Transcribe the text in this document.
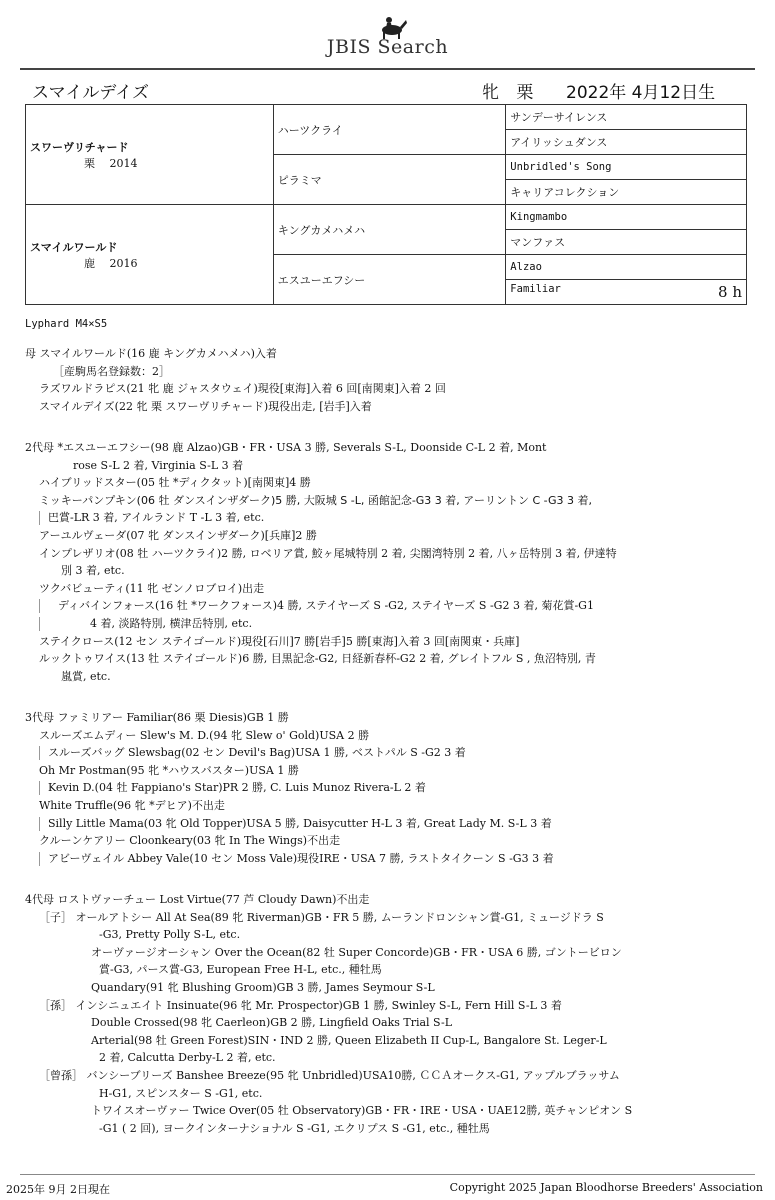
JBIS Search
スマイルデイズ	牝 栗 2022年 4月12日生
スワーヴリチャード
栗　 2014	ハーツクライ	サンデーサイレンス
		アイリッシュダンス
	ピラミマ	Unbridled's Song
		キャリアコレクション

スマイルワールド
鹿　 2016	キングカメハメハ	Kingmambo
		マンファス
	エスユーエフシー	Alzao
		Familiar 8 h
Lyphard M4×S5
母 スマイルワールド(16 鹿 キングカメハメハ)入着
［産駒馬名登録数：2］
ラズワルドラピス(21 牝 鹿 ジャスタウェイ)現役[東海]入着 6 回[南関東]入着 2 回
スマイルデイズ(22 牝 栗 スワーヴリチャード)現役出走, [岩手]入着
2代母 *エスユーエフシー(98 鹿 Alzao)GB・FR・USA 3 勝, Severals S-L, Doonside C-L 2 着, Mont
rose S-L 2 着, Virginia S-L 3 着
ハイブリッドスター(05 牡 *ディクタット)[南関東]4 勝
ミッキーパンプキン(06 牡 ダンスインザダーク)5 勝, 大阪城 S -L, 函館記念-G3 3 着, アーリントン C -G3 3 着,
巴賞-LR 3 着, アイルランド T -L 3 着, etc.
アーユルヴェーダ(07 牝 ダンスインザダーク)[兵庫]2 勝
インプレザリオ(08 牡 ハーツクライ)2 勝, ロベリア賞, 鮫ヶ尾城特別 2 着, 尖閣湾特別 2 着, 八ヶ岳特別 3 着, 伊達特
別 3 着, etc.
ツクバビューティ(11 牝 ゼンノロブロイ)出走
ディバインフォース(16 牡 *ワークフォース)4 勝, ステイヤーズ S -G2, ステイヤーズ S -G2 3 着, 菊花賞-G1
4 着, 淡路特別, 横津岳特別, etc.
ステイクロース(12 セン ステイゴールド)現役[石川]7 勝[岩手]5 勝[東海]入着 3 回[南関東・兵庫]
ルックトゥワイス(13 牡 ステイゴールド)6 勝, 目黒記念-G2, 日経新春杯-G2 2 着, グレイトフル S , 魚沼特別, 青
嵐賞, etc.
3代母 ファミリアー Familiar(86 栗 Diesis)GB 1 勝
スルーズエムディー Slew's M. D.(94 牝 Slew o' Gold)USA 2 勝
スルーズバッグ Slewsbag(02 セン Devil's Bag)USA 1 勝, ベストパル S -G2 3 着
Oh Mr Postman(95 牝 *ハウスバスター)USA 1 勝
Kevin D.(04 牡 Fappiano's Star)PR 2 勝, C. Luis Munoz Rivera-L 2 着
White Truffle(96 牝 *デヒア)不出走
Silly Little Mama(03 牝 Old Topper)USA 5 勝, Daisycutter H-L 3 着, Great Lady M. S-L 3 着
クルーンケアリー Cloonkeary(03 牝 In The Wings)不出走
アビーヴェイル Abbey Vale(10 セン Moss Vale)現役IRE・USA 7 勝, ラストタイクーン S -G3 3 着
4代母 ロストヴァーチュー Lost Virtue(77 芦 Cloudy Dawn)不出走
［子］ オールアトシー All At Sea(89 牝 Riverman)GB・FR 5 勝, ムーランドロンシャン賞-G1, ミュージドラ S
-G3, Pretty Polly S-L, etc.
オーヴァージオーシャン Over the Ocean(82 牡 Super Concorde)GB・FR・USA 6 勝, ゴントービロン
賞-G3, パース賞-G3, European Free H-L, etc., 種牡馬
Quandary(91 牝 Blushing Groom)GB 3 勝, James Seymour S-L
［孫］ インシニュエイト Insinuate(96 牝 Mr. Prospector)GB 1 勝, Swinley S-L, Fern Hill S-L 3 着
Double Crossed(98 牝 Caerleon)GB 2 勝, Lingfield Oaks Trial S-L
Arterial(98 牡 Green Forest)SIN・IND 2 勝, Queen Elizabeth II Cup-L, Bangalore St. Leger-L
2 着, Calcutta Derby-L 2 着, etc.
［曾孫］ バンシーブリーズ Banshee Breeze(95 牝 Unbridled)USA10勝, ＣＣＡオークス-G1, アップルブラッサム
H-G1, スピンスター S -G1, etc.
トワイスオーヴァー Twice Over(05 牡 Observatory)GB・FR・IRE・USA・UAE12勝, 英チャンピオン S
-G1 ( 2 回), ヨークインターナショナル S -G1, エクリプス S -G1, etc., 種牡馬
2025年 9月 2日現在	Copyright 2025 Japan Bloodhorse Breeders' Association
